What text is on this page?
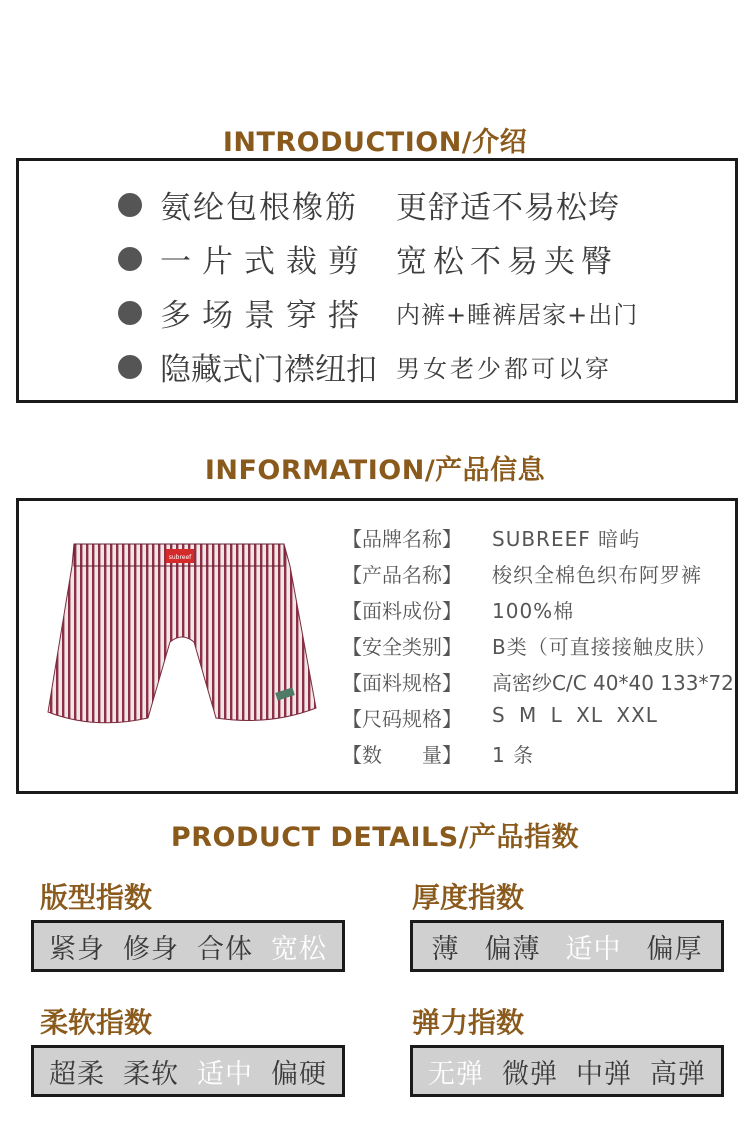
INTRODUCTION/介绍
氨纶包根橡筋	更舒适不易松垮
一片式裁剪 宽松不易夹臀
多场景穿搭	内裤+睡裤居家+出门
隐藏式门襟纽扣 男女老少都可以穿
INFORMATION/产品信息
subreef
【品牌名称】	SUBREEF 暗屿
【产品名称】	梭织全棉色织布阿罗裤
【面料成份】	100%棉
【安全类别】	B类（可直接接触皮肤）
【面料规格】	高密纱C/C 40*40 133*72
【尺码规格】	S M L XL XXL
【数　　量】	1 条
PRODUCT DETAILS/产品指数
版型指数
紧身 修身 合体 宽松
厚度指数
薄 偏薄 适中 偏厚
柔软指数
超柔 柔软 适中 偏硬
弹力指数
无弹 微弹 中弹 高弹
